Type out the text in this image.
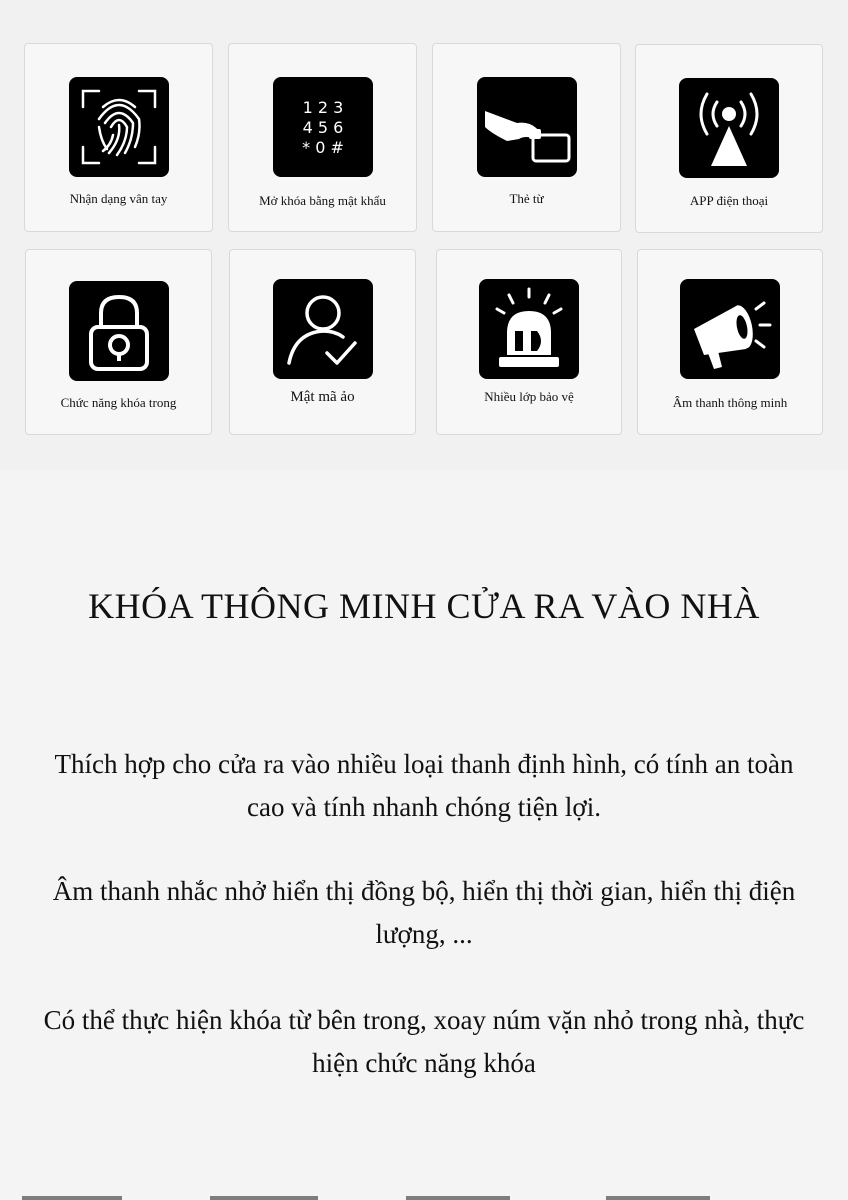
Nhận dạng vân tay
1 2 3
4 5 6
* 0 #
Mở khóa bằng mật khẩu	Thẻ từ	APP điện thoại
Chức năng khóa trong	Mật mã ảo	Nhiều lớp bảo vệ	Âm thanh thông minh
KHÓA THÔNG MINH CỬA RA VÀO NHÀ

Thích hợp cho cửa ra vào nhiều loại thanh định hình, có tính an toàn cao và tính nhanh chóng tiện lợi.

Âm thanh nhắc nhở hiển thị đồng bộ, hiển thị thời gian, hiển thị điện lượng, ...

Có thể thực hiện khóa từ bên trong, xoay núm vặn nhỏ trong nhà, thực hiện chức năng khóa
